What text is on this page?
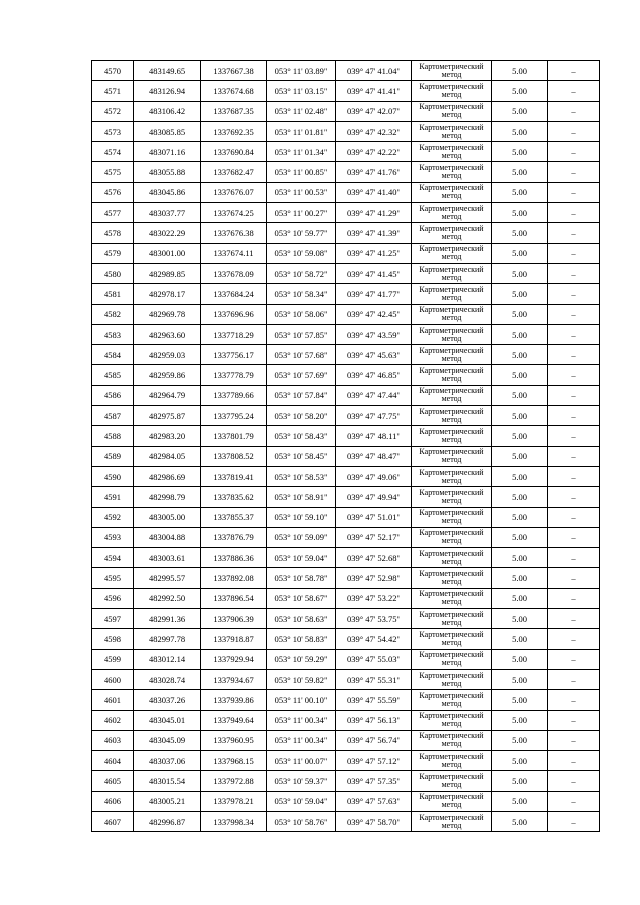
4570	483149.65	1337667.38	053° 11' 03.89"	039° 47' 41.04"	Картометрический метод	5.00	–
4571	483126.94	1337674.68	053° 11' 03.15"	039° 47' 41.41"	Картометрический метод	5.00	–
4572	483106.42	1337687.35	053° 11' 02.48"	039° 47' 42.07"	Картометрический метод	5.00	–
4573	483085.85	1337692.35	053° 11' 01.81"	039° 47' 42.32"	Картометрический метод	5.00	–
4574	483071.16	1337690.84	053° 11' 01.34"	039° 47' 42.22"	Картометрический метод	5.00	–
4575	483055.88	1337682.47	053° 11' 00.85"	039° 47' 41.76"	Картометрический метод	5.00	–
4576	483045.86	1337676.07	053° 11' 00.53"	039° 47' 41.40"	Картометрический метод	5.00	–
4577	483037.77	1337674.25	053° 11' 00.27"	039° 47' 41.29"	Картометрический метод	5.00	–
4578	483022.29	1337676.38	053° 10' 59.77"	039° 47' 41.39"	Картометрический метод	5.00	–
4579	483001.00	1337674.11	053° 10' 59.08"	039° 47' 41.25"	Картометрический метод	5.00	–
4580	482989.85	1337678.09	053° 10' 58.72"	039° 47' 41.45"	Картометрический метод	5.00	–
4581	482978.17	1337684.24	053° 10' 58.34"	039° 47' 41.77"	Картометрический метод	5.00	–
4582	482969.78	1337696.96	053° 10' 58.06"	039° 47' 42.45"	Картометрический метод	5.00	–
4583	482963.60	1337718.29	053° 10' 57.85"	039° 47' 43.59"	Картометрический метод	5.00	–
4584	482959.03	1337756.17	053° 10' 57.68"	039° 47' 45.63"	Картометрический метод	5.00	–
4585	482959.86	1337778.79	053° 10' 57.69"	039° 47' 46.85"	Картометрический метод	5.00	–
4586	482964.79	1337789.66	053° 10' 57.84"	039° 47' 47.44"	Картометрический метод	5.00	–
4587	482975.87	1337795.24	053° 10' 58.20"	039° 47' 47.75"	Картометрический метод	5.00	–
4588	482983.20	1337801.79	053° 10' 58.43"	039° 47' 48.11"	Картометрический метод	5.00	–
4589	482984.05	1337808.52	053° 10' 58.45"	039° 47' 48.47"	Картометрический метод	5.00	–
4590	482986.69	1337819.41	053° 10' 58.53"	039° 47' 49.06"	Картометрический метод	5.00	–
4591	482998.79	1337835.62	053° 10' 58.91"	039° 47' 49.94"	Картометрический метод	5.00	–
4592	483005.00	1337855.37	053° 10' 59.10"	039° 47' 51.01"	Картометрический метод	5.00	–
4593	483004.88	1337876.79	053° 10' 59.09"	039° 47' 52.17"	Картометрический метод	5.00	–
4594	483003.61	1337886.36	053° 10' 59.04"	039° 47' 52.68"	Картометрический метод	5.00	–
4595	482995.57	1337892.08	053° 10' 58.78"	039° 47' 52.98"	Картометрический метод	5.00	–
4596	482992.50	1337896.54	053° 10' 58.67"	039° 47' 53.22"	Картометрический метод	5.00	–
4597	482991.36	1337906.39	053° 10' 58.63"	039° 47' 53.75"	Картометрический метод	5.00	–
4598	482997.78	1337918.87	053° 10' 58.83"	039° 47' 54.42"	Картометрический метод	5.00	–
4599	483012.14	1337929.94	053° 10' 59.29"	039° 47' 55.03"	Картометрический метод	5.00	–
4600	483028.74	1337934.67	053° 10' 59.82"	039° 47' 55.31"	Картометрический метод	5.00	–
4601	483037.26	1337939.86	053° 11' 00.10"	039° 47' 55.59"	Картометрический метод	5.00	–
4602	483045.01	1337949.64	053° 11' 00.34"	039° 47' 56.13"	Картометрический метод	5.00	–
4603	483045.09	1337960.95	053° 11' 00.34"	039° 47' 56.74"	Картометрический метод	5.00	–
4604	483037.06	1337968.15	053° 11' 00.07"	039° 47' 57.12"	Картометрический метод	5.00	–
4605	483015.54	1337972.88	053° 10' 59.37"	039° 47' 57.35"	Картометрический метод	5.00	–
4606	483005.21	1337978.21	053° 10' 59.04"	039° 47' 57.63"	Картометрический метод	5.00	–
4607	482996.87	1337998.34	053° 10' 58.76"	039° 47' 58.70"	Картометрический метод	5.00	–
